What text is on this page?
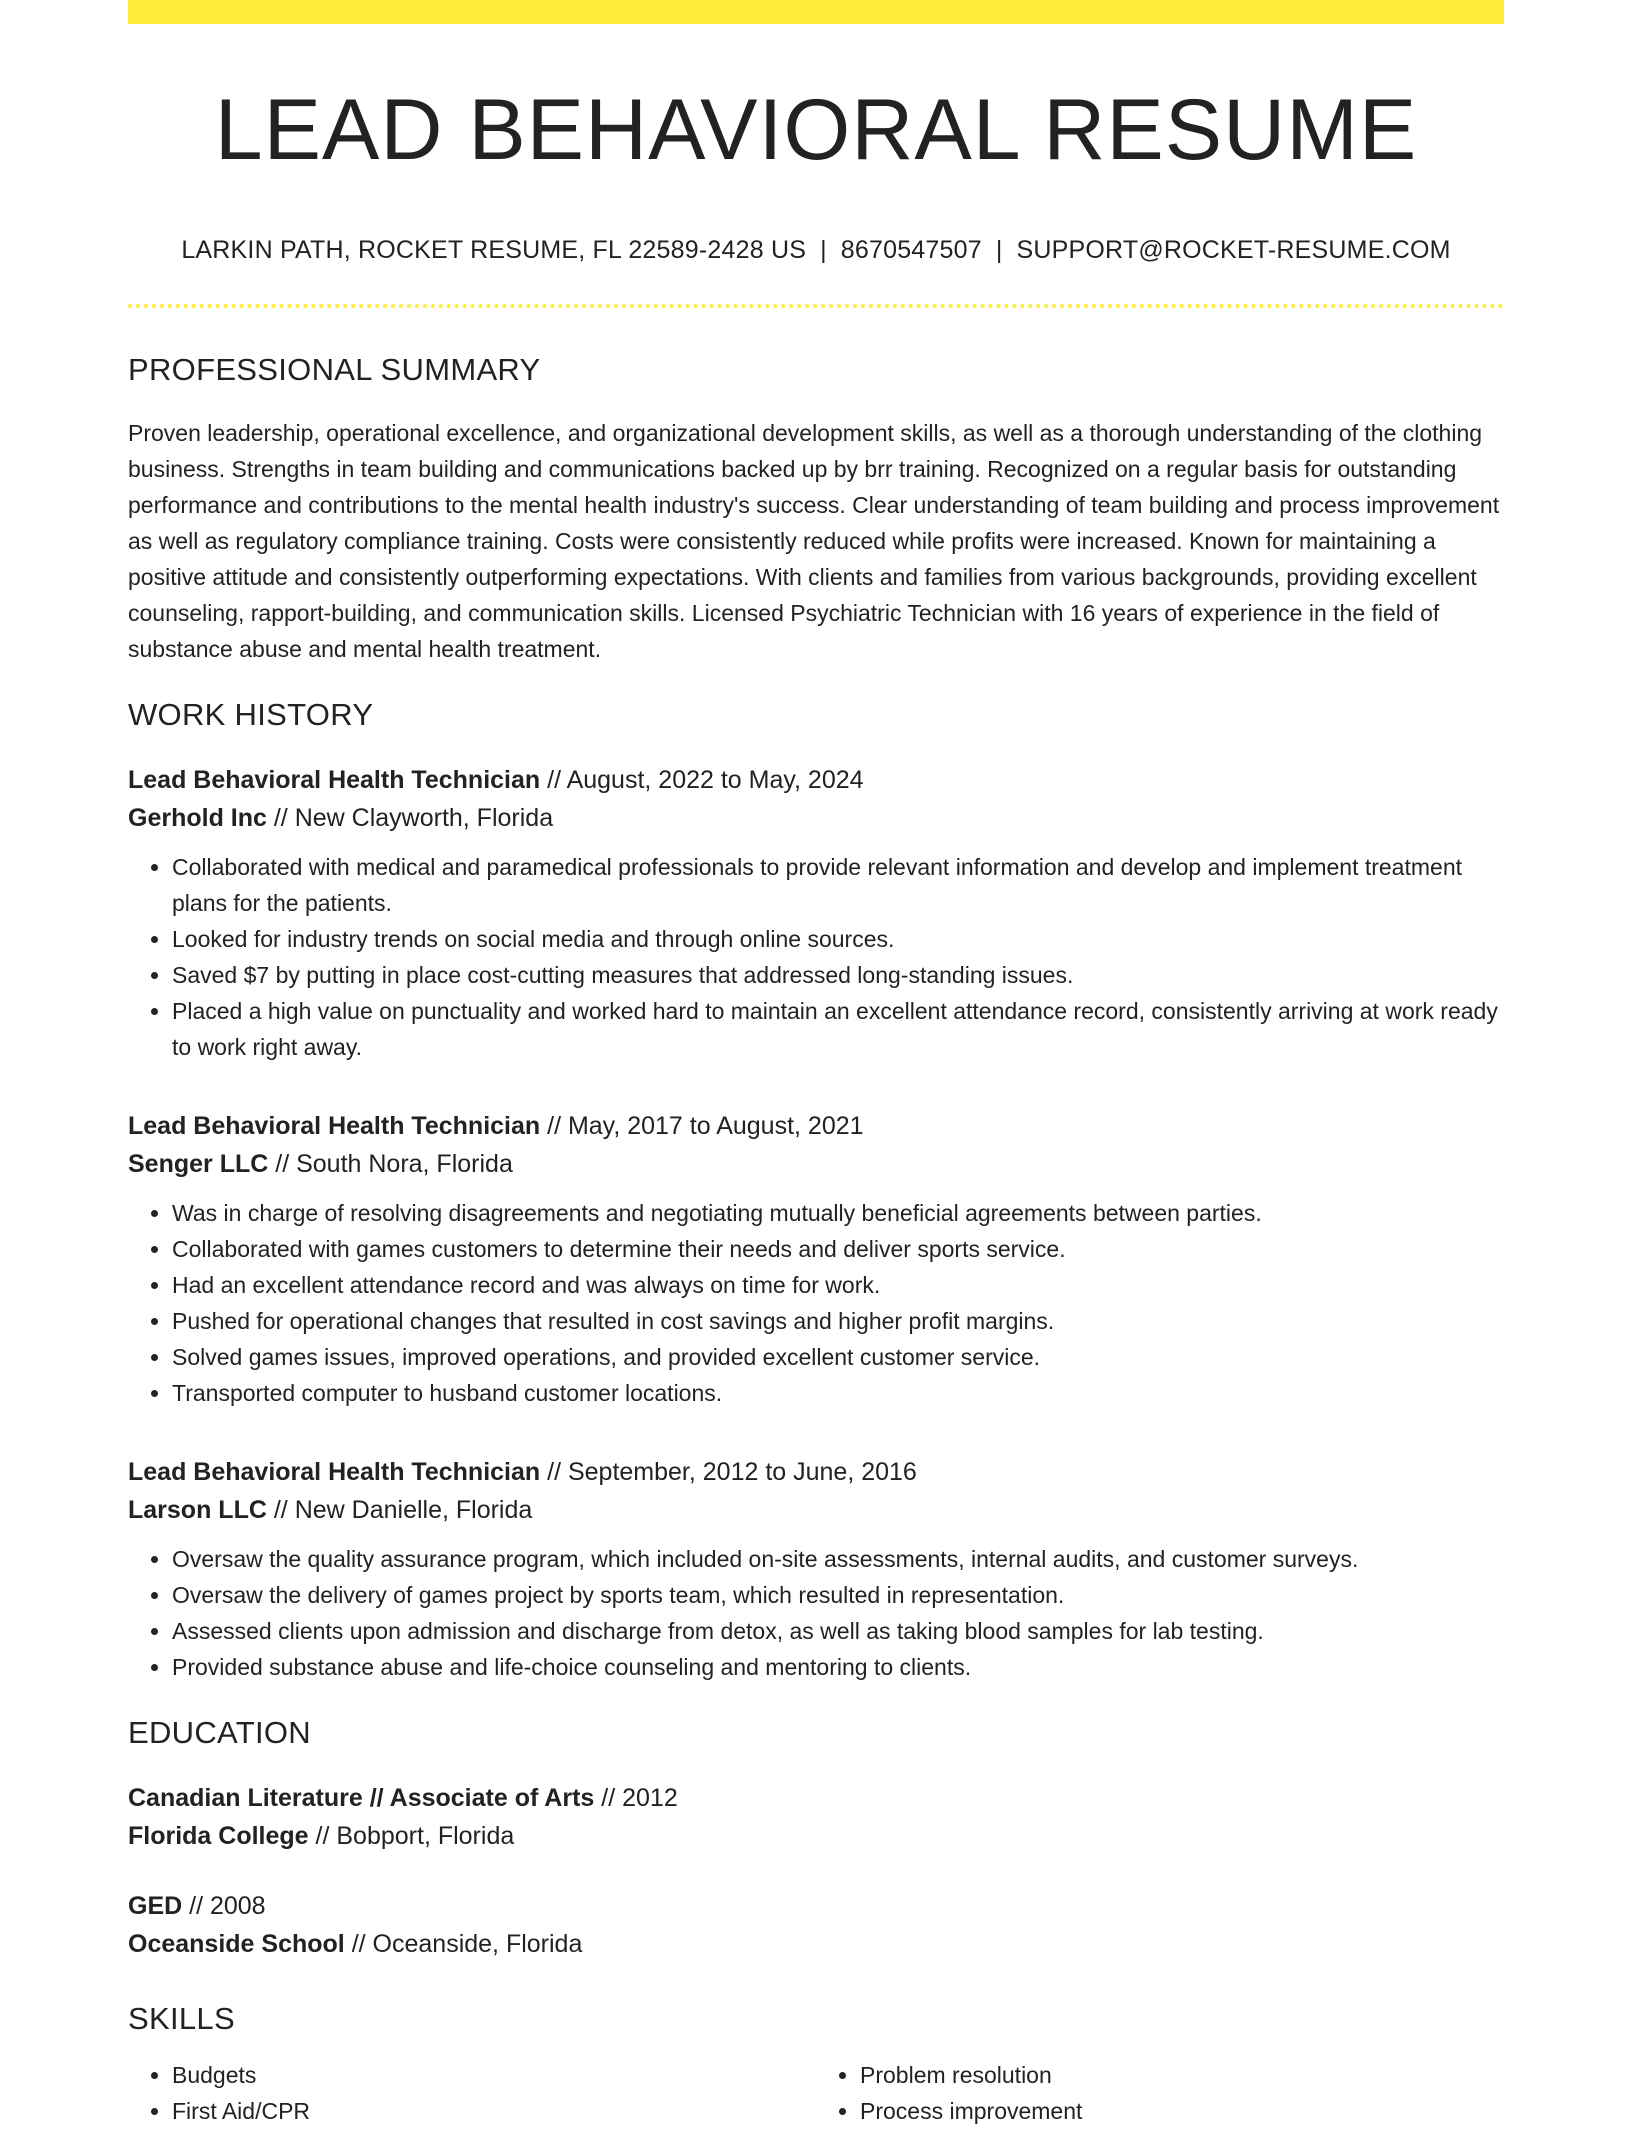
LEAD BEHAVIORAL RESUME
LARKIN PATH, ROCKET RESUME, FL 22589-2428 US | 8670547507 | SUPPORT@ROCKET-RESUME.COM
PROFESSIONAL SUMMARY
Proven leadership, operational excellence, and organizational development skills, as well as a thorough understanding of the clothing business. Strengths in team building and communications backed up by brr training. Recognized on a regular basis for outstanding performance and contributions to the mental health industry's success. Clear understanding of team building and process improvement as well as regulatory compliance training. Costs were consistently reduced while profits were increased. Known for maintaining a positive attitude and consistently outperforming expectations. With clients and families from various backgrounds, providing excellent counseling, rapport-building, and communication skills. Licensed Psychiatric Technician with 16 years of experience in the field of substance abuse and mental health treatment.
WORK HISTORY
Lead Behavioral Health Technician // August, 2022 to May, 2024
Gerhold Inc // New Clayworth, Florida
• Collaborated with medical and paramedical professionals to provide relevant information and develop and implement treatment plans for the patients.
• Looked for industry trends on social media and through online sources.
• Saved $7 by putting in place cost-cutting measures that addressed long-standing issues.
• Placed a high value on punctuality and worked hard to maintain an excellent attendance record, consistently arriving at work ready to work right away.
Lead Behavioral Health Technician // May, 2017 to August, 2021
Senger LLC // South Nora, Florida
• Was in charge of resolving disagreements and negotiating mutually beneficial agreements between parties.
• Collaborated with games customers to determine their needs and deliver sports service.
• Had an excellent attendance record and was always on time for work.
• Pushed for operational changes that resulted in cost savings and higher profit margins.
• Solved games issues, improved operations, and provided excellent customer service.
• Transported computer to husband customer locations.
Lead Behavioral Health Technician // September, 2012 to June, 2016
Larson LLC // New Danielle, Florida
• Oversaw the quality assurance program, which included on-site assessments, internal audits, and customer surveys.
• Oversaw the delivery of games project by sports team, which resulted in representation.
• Assessed clients upon admission and discharge from detox, as well as taking blood samples for lab testing.
• Provided substance abuse and life-choice counseling and mentoring to clients.
EDUCATION
Canadian Literature // Associate of Arts // 2012
Florida College // Bobport, Florida
GED // 2008
Oceanside School // Oceanside, Florida
SKILLS
• Budgets
• First Aid/CPR
• Problem resolution
• Process improvement
